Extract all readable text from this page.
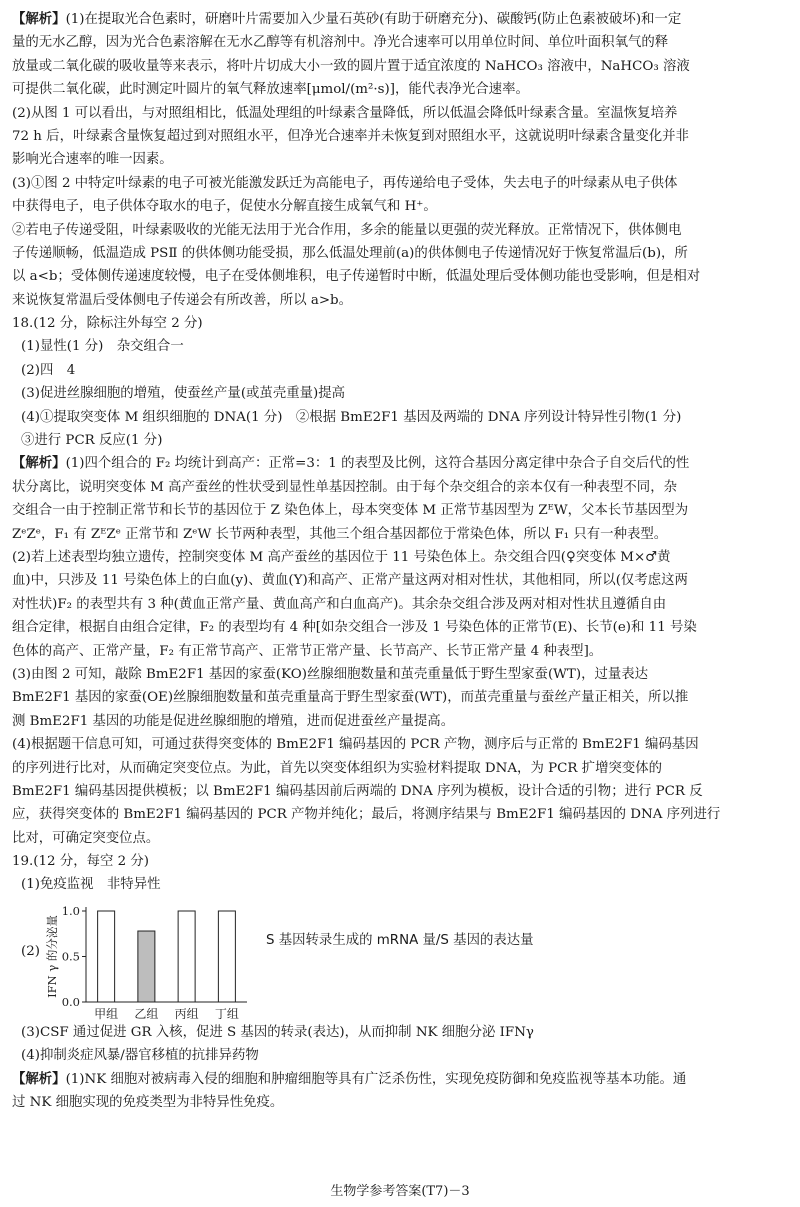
【解析】(1)在提取光合色素时，研磨叶片需要加入少量石英砂(有助于研磨充分)、碳酸钙(防止色素被破坏)和一定
量的无水乙醇，因为光合色素溶解在无水乙醇等有机溶剂中。净光合速率可以用单位时间、单位叶面积氧气的释
放量或二氧化碳的吸收量等来表示，将叶片切成大小一致的圆片置于适宜浓度的 NaHCO₃ 溶液中，NaHCO₃ 溶液
可提供二氧化碳，此时测定叶圆片的氧气释放速率[μmol/(m²·s)]，能代表净光合速率。
(2)从图 1 可以看出，与对照组相比，低温处理组的叶绿素含量降低，所以低温会降低叶绿素含量。室温恢复培养
72 h 后，叶绿素含量恢复超过到对照组水平，但净光合速率并未恢复到对照组水平，这就说明叶绿素含量变化并非
影响光合速率的唯一因素。
(3)①图 2 中特定叶绿素的电子可被光能激发跃迁为高能电子，再传递给电子受体，失去电子的叶绿素从电子供体
中获得电子，电子供体夺取水的电子，促使水分解直接生成氧气和 H⁺。
②若电子传递受阻，叶绿素吸收的光能无法用于光合作用，多余的能量以更强的荧光释放。正常情况下，供体侧电
子传递顺畅，低温造成 PSⅡ 的供体侧功能受损，那么低温处理前(a)的供体侧电子传递情况好于恢复常温后(b)，所
以 a<b；受体侧传递速度较慢，电子在受体侧堆积，电子传递暂时中断，低温处理后受体侧功能也受影响，但是相对
来说恢复常温后受体侧电子传递会有所改善，所以 a>b。
18.(12 分，除标注外每空 2 分)
(1)显性(1 分)　杂交组合一
(2)四　4
(3)促进丝腺细胞的增殖，使蚕丝产量(或茧壳重量)提高
(4)①提取突变体 M 组织细胞的 DNA(1 分)　②根据 BmE2F1 基因及两端的 DNA 序列设计特异性引物(1 分)
③进行 PCR 反应(1 分)
【解析】(1)四个组合的 F₂ 均统计到高产：正常=3：1 的表型及比例，这符合基因分离定律中杂合子自交后代的性
状分离比，说明突变体 M 高产蚕丝的性状受到显性单基因控制。由于每个杂交组合的亲本仅有一种表型不同，杂
交组合一由于控制正常节和长节的基因位于 Z 染色体上，母本突变体 M 正常节基因型为 ZᴱW，父本长节基因型为
ZᵉZᵉ，F₁ 有 ZᴱZᵉ 正常节和 ZᵉW 长节两种表型，其他三个组合基因都位于常染色体，所以 F₁ 只有一种表型。
(2)若上述表型均独立遗传，控制突变体 M 高产蚕丝的基因位于 11 号染色体上。杂交组合四(♀突变体 M×♂黄
血)中，只涉及 11 号染色体上的白血(y)、黄血(Y)和高产、正常产量这两对相对性状，其他相同，所以(仅考虑这两
对性状)F₂ 的表型共有 3 种(黄血正常产量、黄血高产和白血高产)。其余杂交组合涉及两对相对性状且遵循自由
组合定律，根据自由组合定律，F₂ 的表型均有 4 种[如杂交组合一涉及 1 号染色体的正常节(E)、长节(e)和 11 号染
色体的高产、正常产量，F₂ 有正常节高产、正常节正常产量、长节高产、长节正常产量 4 种表型]。
(3)由图 2 可知，敲除 BmE2F1 基因的家蚕(KO)丝腺细胞数量和茧壳重量低于野生型家蚕(WT)，过量表达
BmE2F1 基因的家蚕(OE)丝腺细胞数量和茧壳重量高于野生型家蚕(WT)，而茧壳重量与蚕丝产量正相关，所以推
测 BmE2F1 基因的功能是促进丝腺细胞的增殖，进而促进蚕丝产量提高。
(4)根据题干信息可知，可通过获得突变体的 BmE2F1 编码基因的 PCR 产物，测序后与正常的 BmE2F1 编码基因
的序列进行比对，从而确定突变位点。为此，首先以突变体组织为实验材料提取 DNA，为 PCR 扩增突变体的
BmE2F1 编码基因提供模板；以 BmE2F1 编码基因前后两端的 DNA 序列为模板，设计合适的引物；进行 PCR 反
应，获得突变体的 BmE2F1 编码基因的 PCR 产物并纯化；最后，将测序结果与 BmE2F1 编码基因的 DNA 序列进行
比对，可确定突变位点。
19.(12 分，每空 2 分)
(1)免疫监视　非特异性
(2)
0.0
0.5
1.0
IFN γ 的分泌量
甲组 乙组 丙组 丁组
S 基因转录生成的 mRNA 量/S 基因的表达量
(3)CSF 通过促进 GR 入核，促进 S 基因的转录(表达)，从而抑制 NK 细胞分泌 IFNγ
(4)抑制炎症风暴/器官移植的抗排异药物
【解析】(1)NK 细胞对被病毒入侵的细胞和肿瘤细胞等具有广泛杀伤性，实现免疫防御和免疫监视等基本功能。通
过 NK 细胞实现的免疫类型为非特异性免疫。
生物学参考答案(T7)－3
